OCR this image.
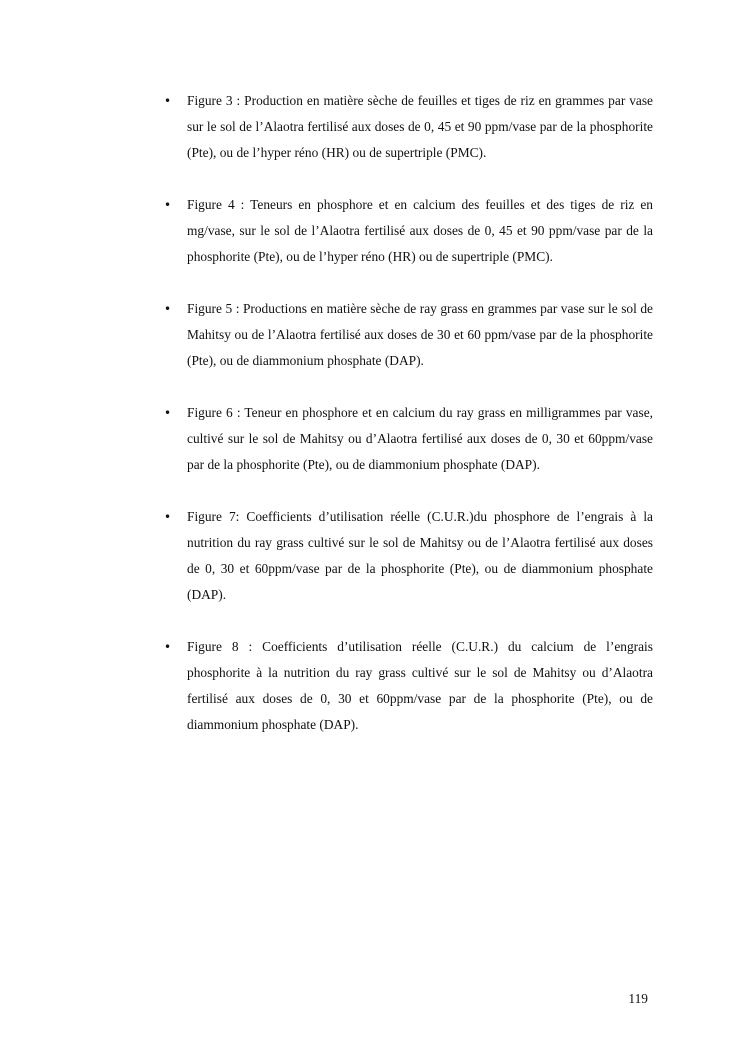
• Figure 3 : Production en matière sèche de feuilles et tiges de riz en grammes par vase sur le sol de l’Alaotra fertilisé aux doses de 0, 45 et 90 ppm/vase par de la phosphorite (Pte), ou de l’hyper réno (HR) ou de supertriple (PMC).
• Figure 4 : Teneurs en phosphore et en calcium des feuilles et des tiges de riz en mg/vase, sur le sol de l’Alaotra fertilisé aux doses de 0, 45 et 90 ppm/vase par de la phosphorite (Pte), ou de l’hyper réno (HR) ou de supertriple (PMC).
• Figure 5 : Productions en matière sèche de ray grass en grammes par vase sur le sol de Mahitsy ou de l’Alaotra fertilisé aux doses de 30 et 60 ppm/vase par de la phosphorite (Pte), ou de diammonium phosphate (DAP).
• Figure 6 : Teneur en phosphore et en calcium du ray grass en milligrammes par vase, cultivé sur le sol de Mahitsy ou d’Alaotra fertilisé aux doses de 0, 30 et 60ppm/vase par de la phosphorite (Pte), ou de diammonium phosphate (DAP).
• Figure 7: Coefficients d’utilisation réelle (C.U.R.)du phosphore de l’engrais à la nutrition du ray grass cultivé sur le sol de Mahitsy ou de l’Alaotra fertilisé aux doses de 0, 30 et 60ppm/vase par de la phosphorite (Pte), ou de diammonium phosphate (DAP).
• Figure 8 : Coefficients d’utilisation réelle (C.U.R.) du calcium de l’engrais phosphorite à la nutrition du ray grass cultivé sur le sol de Mahitsy ou d’Alaotra fertilisé aux doses de 0, 30 et 60ppm/vase par de la phosphorite (Pte), ou de diammonium phosphate (DAP).
119
